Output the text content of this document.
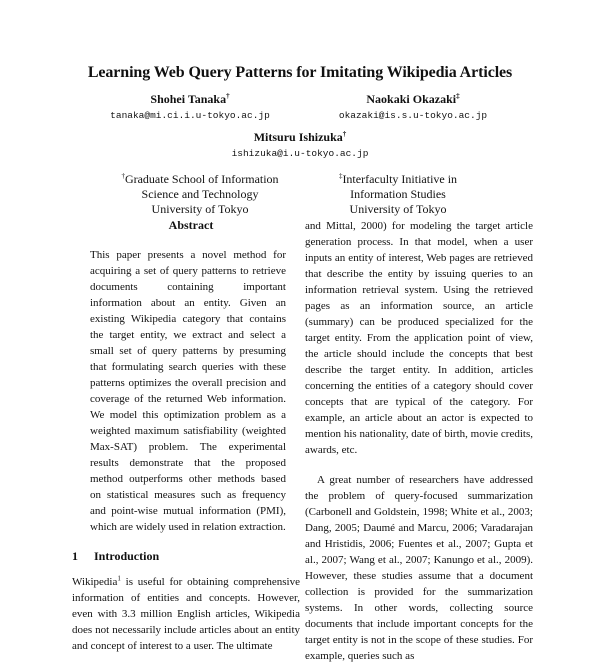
Learning Web Query Patterns for Imitating Wikipedia Articles
Shohei Tanaka†
tanaka@mi.ci.i.u-tokyo.ac.jp
Naokaki Okazaki‡
okazaki@is.s.u-tokyo.ac.jp
Mitsuru Ishizuka†
ishizuka@i.u-tokyo.ac.jp
†Graduate School of Information
Science and Technology
University of Tokyo
‡Interfaculty Initiative in
Information Studies
University of Tokyo
Abstract

This paper presents a novel method for acquiring a set of query patterns to retrieve documents containing important information about an entity. Given an existing Wikipedia category that contains the target entity, we extract and select a small set of query patterns by presuming that formulating search queries with these patterns optimizes the overall precision and coverage of the returned Web information. We model this optimization problem as a weighted maximum satisfiability (weighted Max-SAT) problem. The experimental results demonstrate that the proposed method outperforms other methods based on statistical measures such as frequency and point-wise mutual information (PMI), which are widely used in relation extraction.

1 Introduction

Wikipedia$^1$ is useful for obtaining comprehensive information of entities and concepts. However, even with 3.3 million English articles, Wikipedia does not necessarily include articles about an entity and concept of interest to a user. The ultimate

and Mittal, 2000) for modeling the target article generation process. In that model, when a user inputs an entity of interest, Web pages are retrieved that describe the entity by issuing queries to an information retrieval system. Using the retrieved pages as an information source, an article (summary) can be produced specialized for the target entity. From the application point of view, the article should include the concepts that best describe the target entity. In addition, articles concerning the entities of a category should cover concepts that are typical of the category. For example, an article about an actor is expected to mention his nationality, date of birth, movie credits, awards, etc.

A great number of researchers have addressed the problem of query-focused summarization (Carbonell and Goldstein, 1998; White et al., 2003; Dang, 2005; Daumé and Marcu, 2006; Varadarajan and Hristidis, 2006; Fuentes et al., 2007; Gupta et al., 2007; Wang et al., 2007; Kanungo et al., 2009). However, these studies assume that a document collection is provided for the summarization systems. In other words, collecting source documents that include important concepts for the target entity is not in the scope of these studies. For example, queries such as
